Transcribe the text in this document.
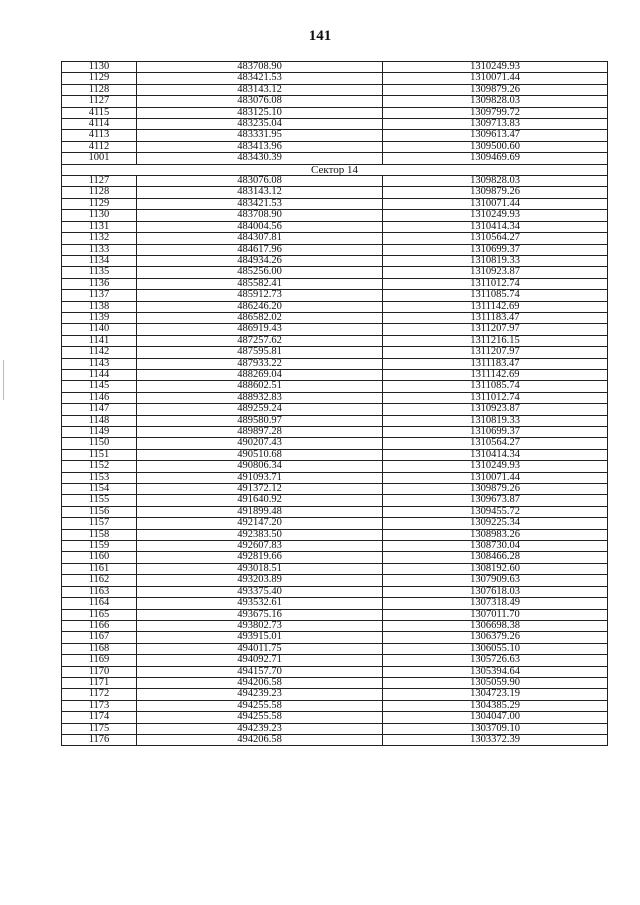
141
1130	483708.90	1310249.93
1129	483421.53	1310071.44
1128	483143.12	1309879.26
1127	483076.08	1309828.03
4115	483125.10	1309799.72
4114	483235.04	1309713.83
4113	483331.95	1309613.47
4112	483413.96	1309500.60
1001	483430.39	1309469.69
Сектор 14		
1127	483076.08	1309828.03
1128	483143.12	1309879.26
1129	483421.53	1310071.44
1130	483708.90	1310249.93
1131	484004.56	1310414.34
1132	484307.81	1310564.27
1133	484617.96	1310699.37
1134	484934.26	1310819.33
1135	485256.00	1310923.87
1136	485582.41	1311012.74
1137	485912.73	1311085.74
1138	486246.20	1311142.69
1139	486582.02	1311183.47
1140	486919.43	1311207.97
1141	487257.62	1311216.15
1142	487595.81	1311207.97
1143	487933.22	1311183.47
1144	488269.04	1311142.69
1145	488602.51	1311085.74
1146	488932.83	1311012.74
1147	489259.24	1310923.87
1148	489580.97	1310819.33
1149	489897.28	1310699.37
1150	490207.43	1310564.27
1151	490510.68	1310414.34
1152	490806.34	1310249.93
1153	491093.71	1310071.44
1154	491372.12	1309879.26
1155	491640.92	1309673.87
1156	491899.48	1309455.72
1157	492147.20	1309225.34
1158	492383.50	1308983.26
1159	492607.83	1308730.04
1160	492819.66	1308466.28
1161	493018.51	1308192.60
1162	493203.89	1307909.63
1163	493375.40	1307618.03
1164	493532.61	1307318.49
1165	493675.16	1307011.70
1166	493802.73	1306698.38
1167	493915.01	1306379.26
1168	494011.75	1306055.10
1169	494092.71	1305726.63
1170	494157.70	1305394.64
1171	494206.58	1305059.90
1172	494239.23	1304723.19
1173	494255.58	1304385.29
1174	494255.58	1304047.00
1175	494239.23	1303709.10
1176	494206.58	1303372.39
